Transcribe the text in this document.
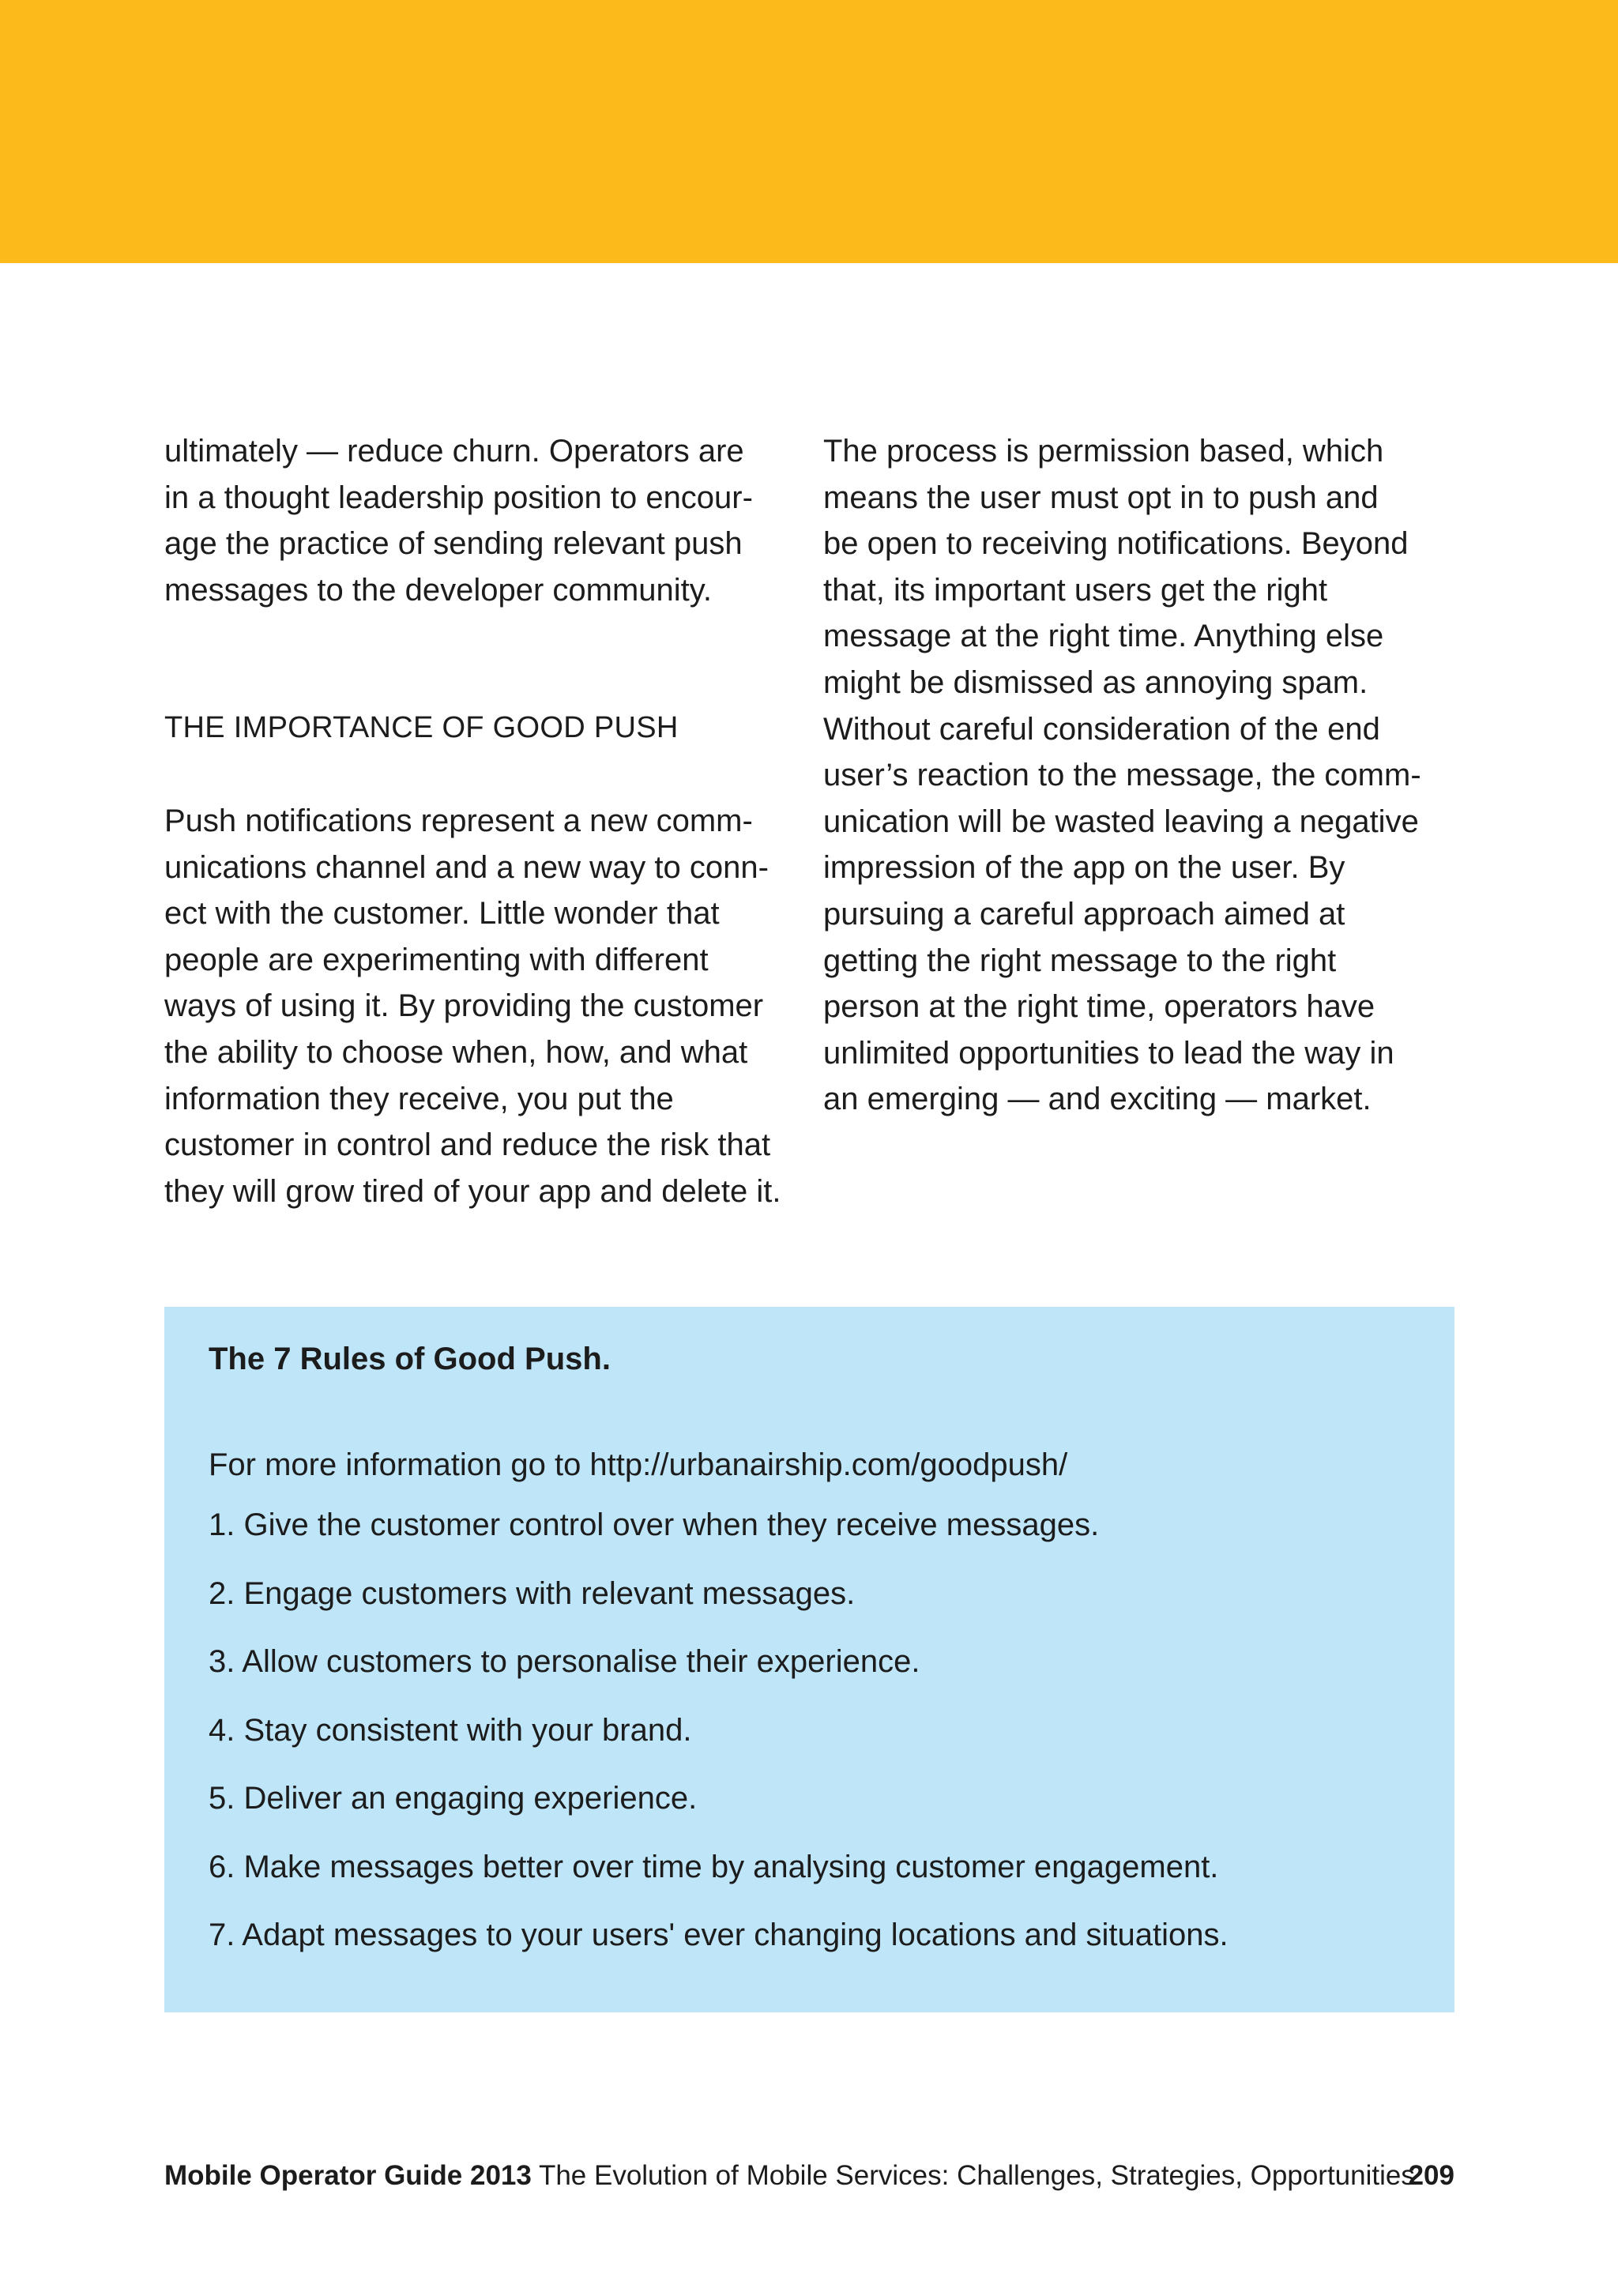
ultimately — reduce churn. Operators are
in a thought leadership position to encour-
age the practice of sending relevant push
messages to the developer community.
THE IMPORTANCE OF GOOD PUSH
Push notifications represent a new comm-
unications channel and a new way to conn-
ect with the customer. Little wonder that
people are experimenting with different
ways of using it. By providing the customer
the ability to choose when, how, and what
information they receive, you put the
customer in control and reduce the risk that
they will grow tired of your app and delete it.
The process is permission based, which
means the user must opt in to push and
be open to receiving notifications. Beyond
that, its important users get the right
message at the right time. Anything else
might be dismissed as annoying spam.
Without careful consideration of the end
user’s reaction to the message, the comm-
unication will be wasted leaving a negative
impression of the app on the user. By
pursuing a careful approach aimed at
getting the right message to the right
person at the right time, operators have
unlimited opportunities to lead the way in
an emerging — and exciting — market.
The 7 Rules of Good Push.
For more information go to http://urbanairship.com/goodpush/
1. Give the customer control over when they receive messages.
2. Engage customers with relevant messages.
3. Allow customers to personalise their experience.
4. Stay consistent with your brand.
5. Deliver an engaging experience.
6. Make messages better over time by analysing customer engagement.
7. Adapt messages to your users' ever changing locations and situations.
Mobile Operator Guide 2013 The Evolution of Mobile Services: Challenges, Strategies, Opportunities
209
